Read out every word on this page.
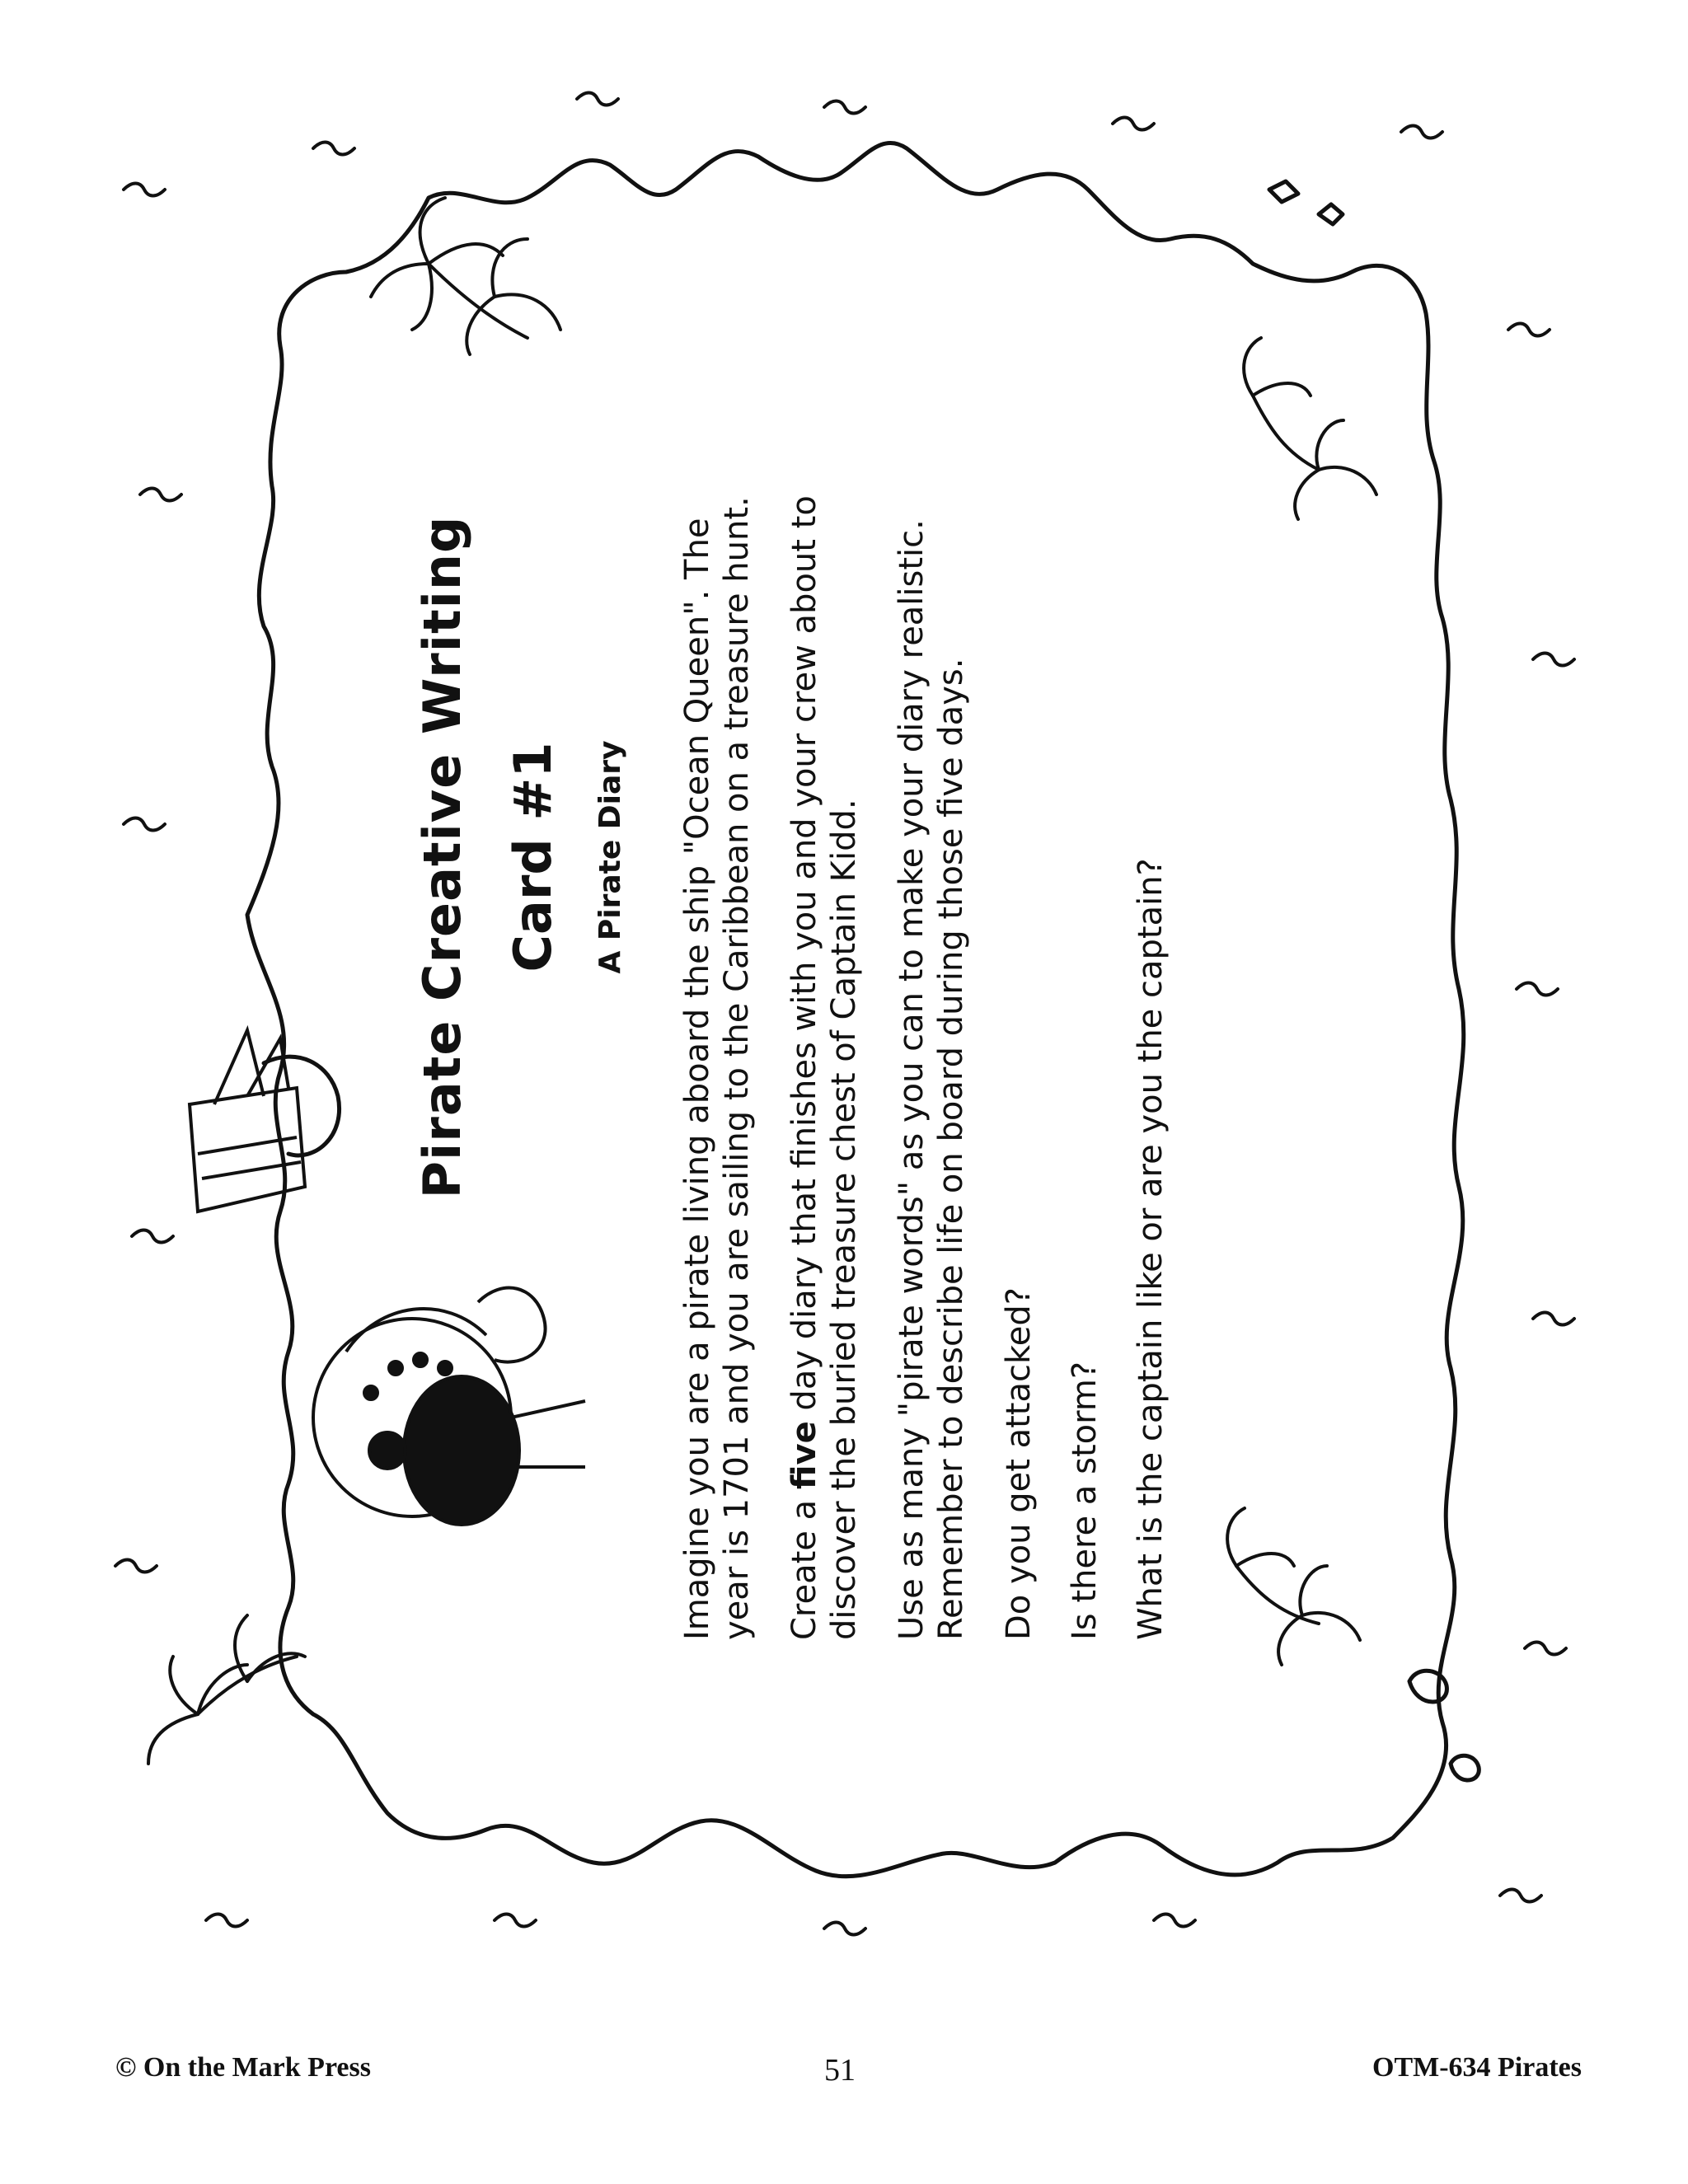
Pirate Creative Writing Card #1 A Pirate Diary Imagine you are a pirate living aboard the ship "Ocean Queen". The year is 1701 and you are sailing to the Caribbean on a treasure hunt. Create a five day diary that finishes with you and your crew about to discover the buried treasure chest of Captain Kidd. Use as many "pirate words" as you can to make your diary realistic. Remember to describe life on board during those five days. Do you get attacked? Is there a storm? What is the captain like or are you the captain?
© On the Mark Press	51	OTM-634 Pirates
